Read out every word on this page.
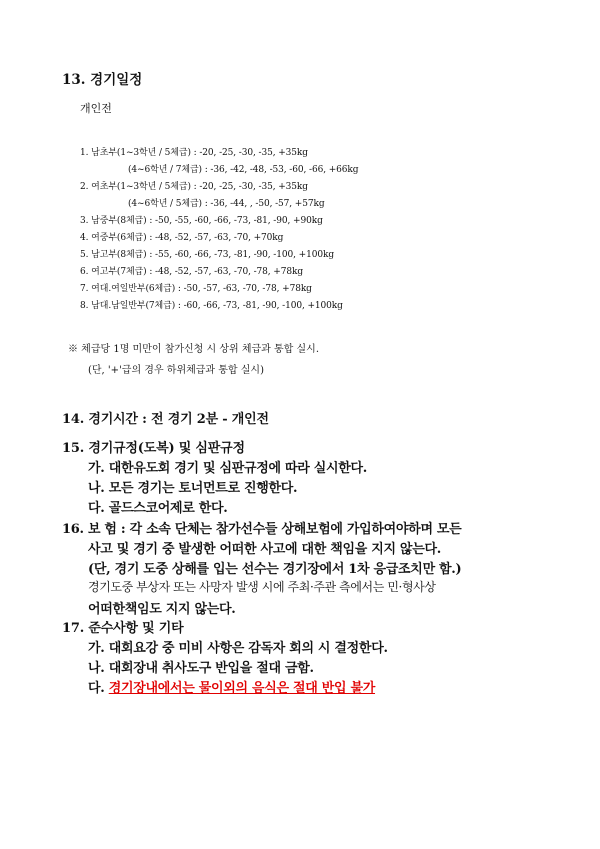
13. 경기일정
개인전
1. 남초부(1~3학년 / 5체급) : -20, -25, -30, -35, +35kg
(4~6학년 / 7체급) : -36, -42, -48, -53, -60, -66, +66kg
2. 여초부(1~3학년 / 5체급) : -20, -25, -30, -35, +35kg
(4~6학년 / 5체급) : -36, -44, , -50, -57, +57kg
3. 남중부(8체급) : -50, -55, -60, -66, -73, -81, -90, +90kg
4. 여중부(6체급) : -48, -52, -57, -63, -70, +70kg
5. 남고부(8체급) : -55, -60, -66, -73, -81, -90, -100, +100kg
6. 여고부(7체급) : -48, -52, -57, -63, -70, -78, +78kg
7. 여대.여일반부(6체급) : -50, -57, -63, -70, -78, +78kg
8. 남대.남일반부(7체급) : -60, -66, -73, -81, -90, -100, +100kg
※ 체급당 1명 미만이 참가신청 시 상위 체급과 통합 실시.
(단, '+'급의 경우 하위체급과 통합 실시)
14. 경기시간 : 전 경기 2분 - 개인전
15. 경기규정(도복) 및 심판규정
가. 대한유도회 경기 및 심판규정에 따라 실시한다.
나. 모든 경기는 토너먼트로 진행한다.
다. 골드스코어제로 한다.
16. 보 험 : 각 소속 단체는 참가선수들 상해보험에 가입하여야하며 모든
사고 및 경기 중 발생한 어떠한 사고에 대한 책임을 지지 않는다.
(단, 경기 도중 상해를 입는 선수는 경기장에서 1차 응급조치만 함.)
경기도중 부상자 또는 사망자 발생 시에 주최·주관 측에서는 민·형사상
어떠한책임도 지지 않는다.
17. 준수사항 및 기타
가. 대회요강 중 미비 사항은 감독자 회의 시 결정한다.
나. 대회장내 취사도구 반입을 절대 금함.
다. 경기장내에서는 물이외의 음식은 절대 반입 불가
